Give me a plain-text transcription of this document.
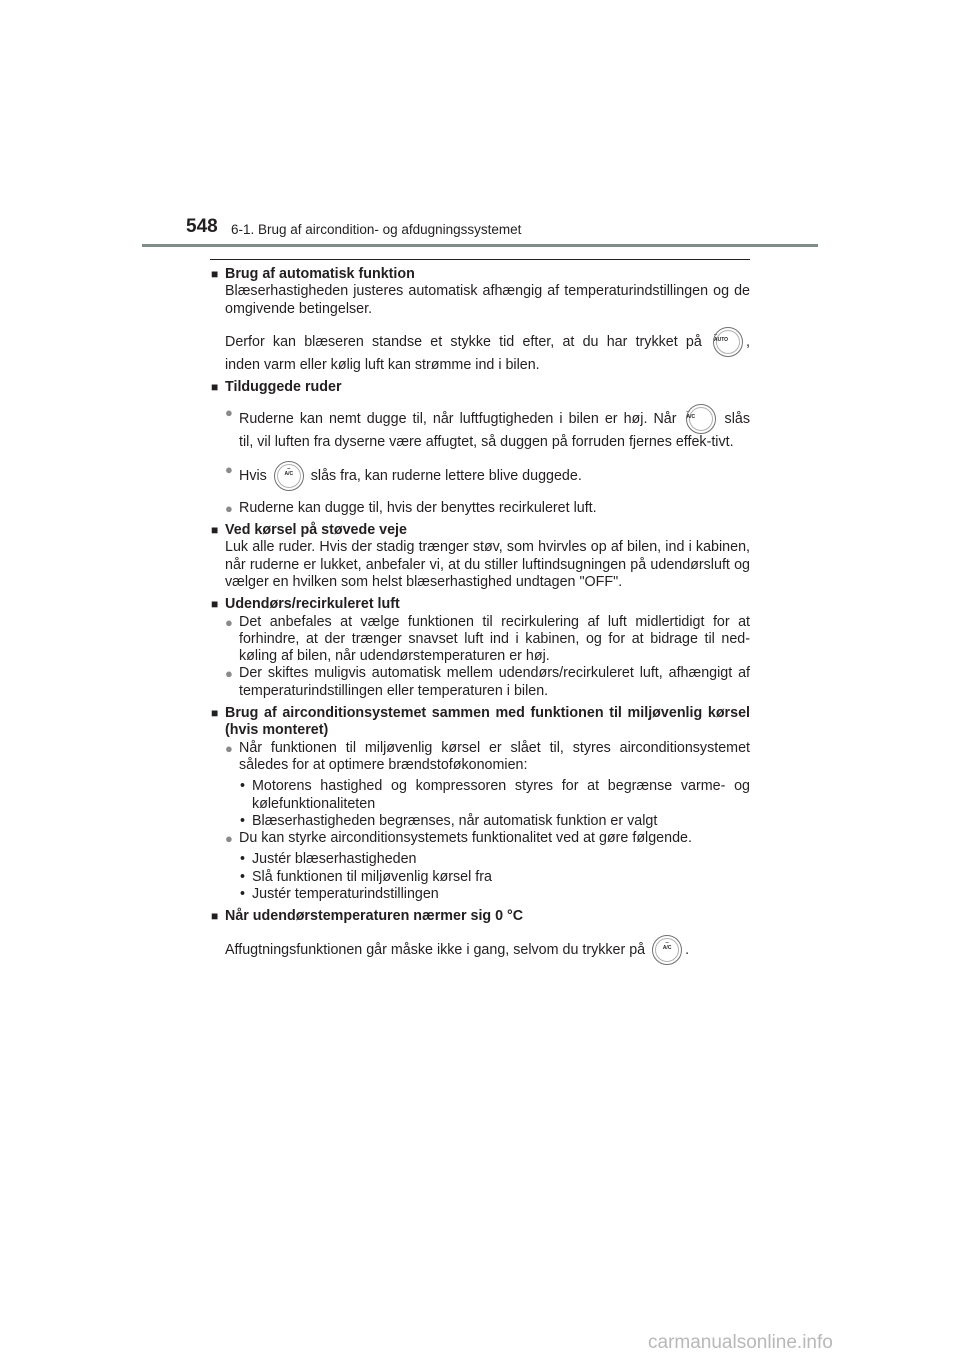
548 6-1. Brug af aircondition- og afdugningssystemet
■ Brug af automatisk funktion
Blæserhastigheden justeres automatisk afhængig af temperaturindstillingen og de omgivende betingelser.
Derfor kan blæseren standse et stykke tid efter, at du har trykket på	▬
AUTO	,
inden varm eller kølig luft kan strømme ind i bilen.
■ Tilduggede ruder
● Ruderne kan nemt dugge til, når luftfugtigheden i bilen er høj. Når	▬
A/C	slås
til, vil luften fra dyserne være affugtet, så duggen på forruden fjernes effek-tivt.
● Hvis	▬
A/C	slås fra, kan ruderne lettere blive duggede.
● Ruderne kan dugge til, hvis der benyttes recirkuleret luft.
■ Ved kørsel på støvede veje
Luk alle ruder. Hvis der stadig trænger støv, som hvirvles op af bilen, ind i kabinen, når ruderne er lukket, anbefaler vi, at du stiller luftindsugningen på udendørsluft og vælger en hvilken som helst blæserhastighed undtagen "OFF".
■ Udendørs/recirkuleret luft
● Det anbefales at vælge funktionen til recirkulering af luft midlertidigt for at forhindre, at der trænger snavset luft ind i kabinen, og for at bidrage til ned-køling af bilen, når udendørstemperaturen er høj.
● Der skiftes muligvis automatisk mellem udendørs/recirkuleret luft, afhængigt af temperaturindstillingen eller temperaturen i bilen.
■ Brug af airconditionsystemet sammen med funktionen til miljøvenlig kørsel (hvis monteret)
● Når funktionen til miljøvenlig kørsel er slået til, styres airconditionsystemet således for at optimere brændstoføkonomien:
• Motorens hastighed og kompressoren styres for at begrænse varme- og kølefunktionaliteten
• Blæserhastigheden begrænses, når automatisk funktion er valgt
● Du kan styrke airconditionsystemets funktionalitet ved at gøre følgende.
• Justér blæserhastigheden
• Slå funktionen til miljøvenlig kørsel fra
• Justér temperaturindstillingen
■ Når udendørstemperaturen nærmer sig 0 °C
Affugtningsfunktionen går måske ikke i gang, selvom du trykker på	▬
A/C .
carmanualsonline.info
